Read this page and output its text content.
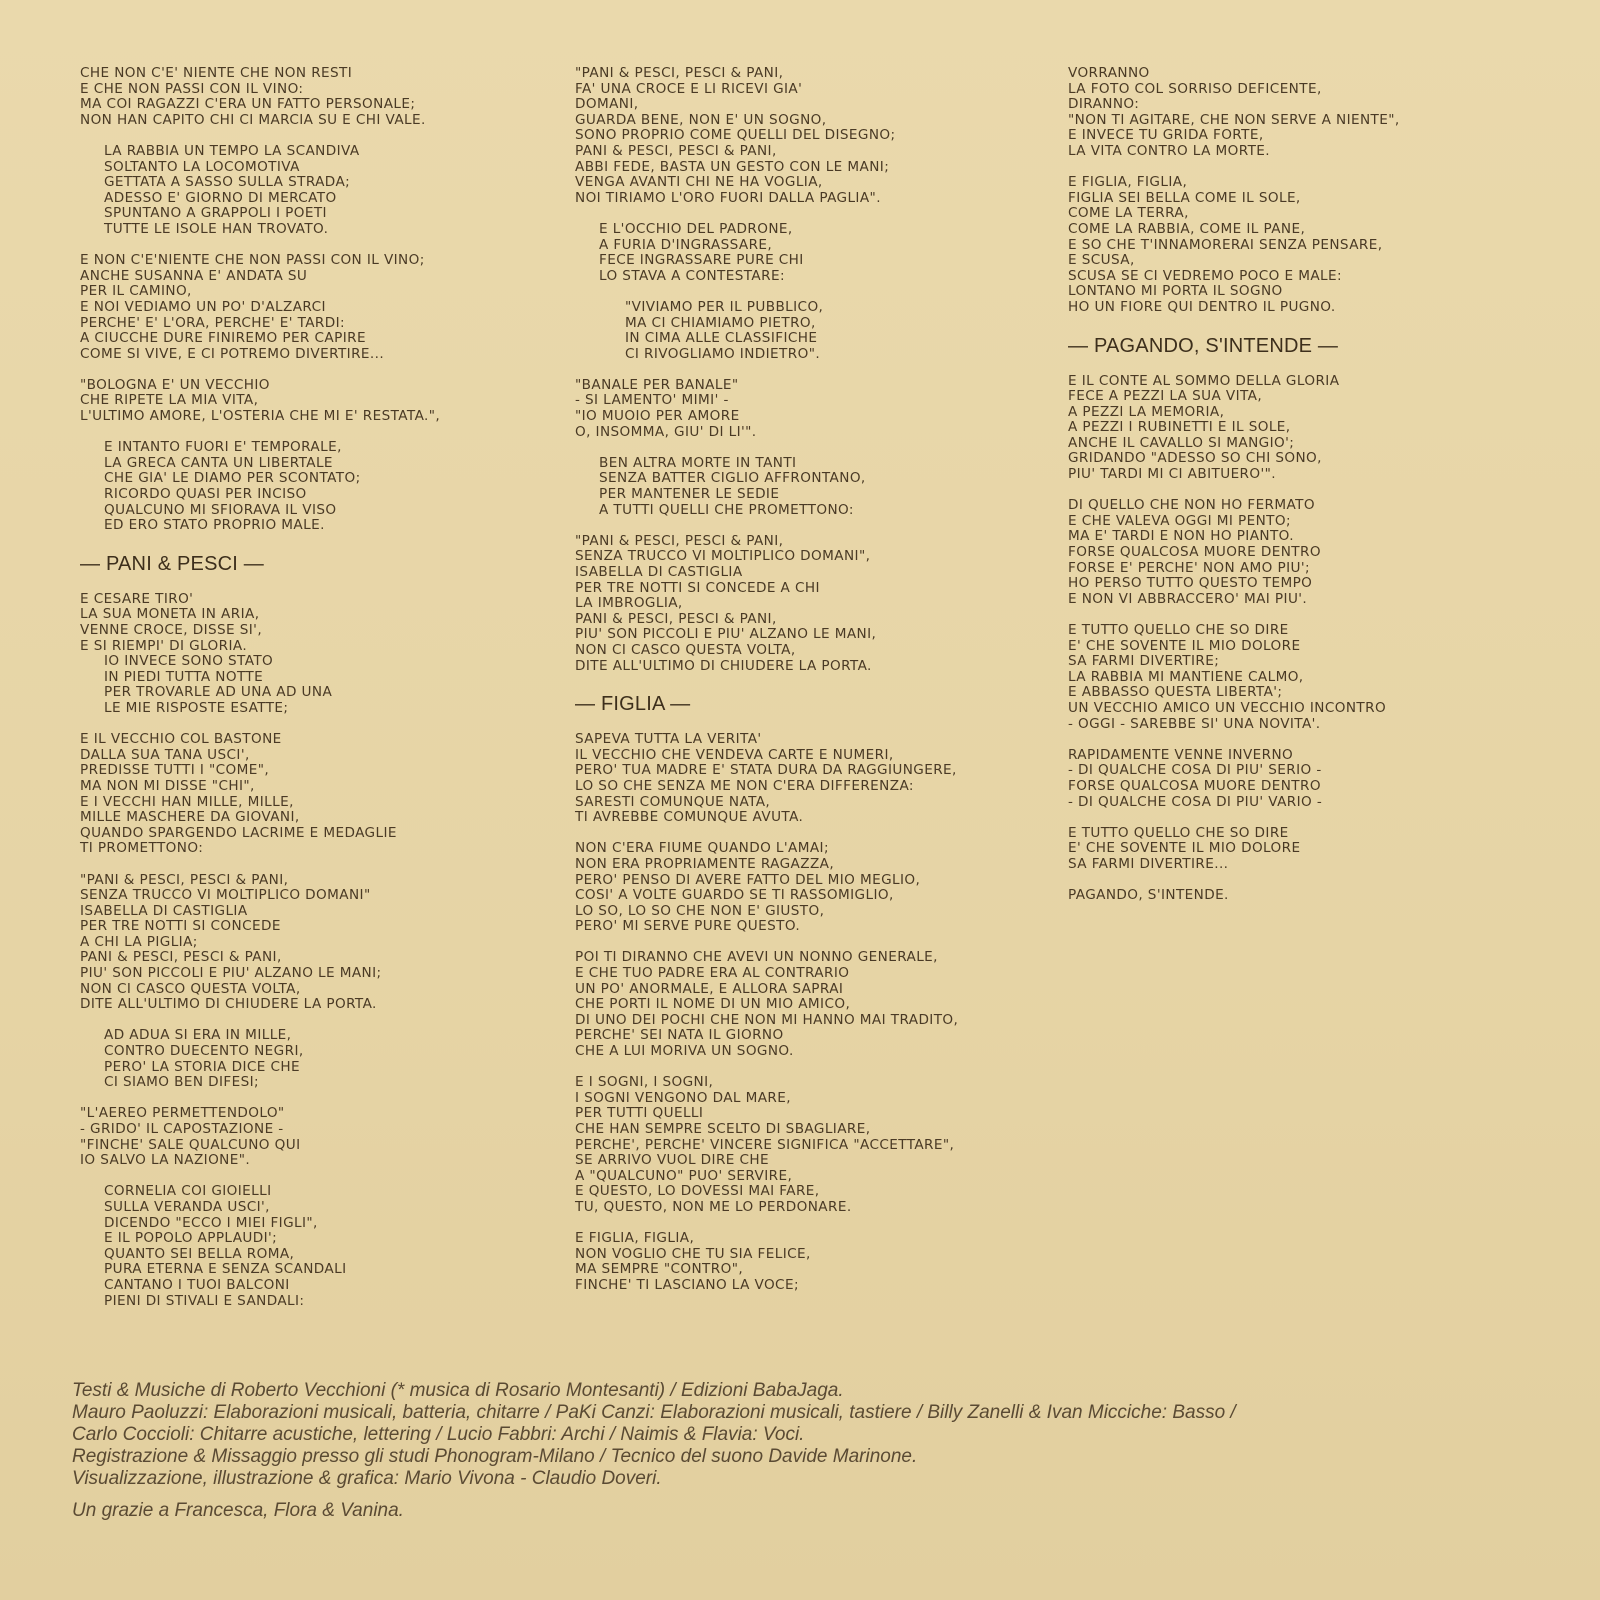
CHE NON C'E' NIENTE CHE NON RESTI
E CHE NON PASSI CON IL VINO:
MA COI RAGAZZI C'ERA UN FATTO PERSONALE;
NON HAN CAPITO CHI CI MARCIA SU E CHI VALE.
LA RABBIA UN TEMPO LA SCANDIVA
SOLTANTO LA LOCOMOTIVA
GETTATA A SASSO SULLA STRADA;
ADESSO E' GIORNO DI MERCATO
SPUNTANO A GRAPPOLI I POETI
TUTTE LE ISOLE HAN TROVATO.
E NON C'E'NIENTE CHE NON PASSI CON IL VINO;
ANCHE SUSANNA E' ANDATA SU
PER IL CAMINO,
E NOI VEDIAMO UN PO' D'ALZARCI
PERCHE' E' L'ORA, PERCHE' E' TARDI:
A CIUCCHE DURE FINIREMO PER CAPIRE
COME SI VIVE, E CI POTREMO DIVERTIRE...
"BOLOGNA E' UN VECCHIO
CHE RIPETE LA MIA VITA,
L'ULTIMO AMORE, L'OSTERIA CHE MI E' RESTATA.",
E INTANTO FUORI E' TEMPORALE,
LA GRECA CANTA UN LIBERTALE
CHE GIA' LE DIAMO PER SCONTATO;
RICORDO QUASI PER INCISO
QUALCUNO MI SFIORAVA IL VISO
ED ERO STATO PROPRIO MALE.
— PANI & PESCI —
E CESARE TIRO'
LA SUA MONETA IN ARIA,
VENNE CROCE, DISSE SI',
E SI RIEMPI' DI GLORIA.
IO INVECE SONO STATO
IN PIEDI TUTTA NOTTE
PER TROVARLE AD UNA AD UNA
LE MIE RISPOSTE ESATTE;
E IL VECCHIO COL BASTONE
DALLA SUA TANA USCI',
PREDISSE TUTTI I "COME",
MA NON MI DISSE "CHI",
E I VECCHI HAN MILLE, MILLE,
MILLE MASCHERE DA GIOVANI,
QUANDO SPARGENDO LACRIME E MEDAGLIE
TI PROMETTONO:
"PANI & PESCI, PESCI & PANI,
SENZA TRUCCO VI MOLTIPLICO DOMANI"
ISABELLA DI CASTIGLIA
PER TRE NOTTI SI CONCEDE
A CHI LA PIGLIA;
PANI & PESCI, PESCI & PANI,
PIU' SON PICCOLI E PIU' ALZANO LE MANI;
NON CI CASCO QUESTA VOLTA,
DITE ALL'ULTIMO DI CHIUDERE LA PORTA.
AD ADUA SI ERA IN MILLE,
CONTRO DUECENTO NEGRI,
PERO' LA STORIA DICE CHE
CI SIAMO BEN DIFESI;
"L'AEREO PERMETTENDOLO"
- GRIDO' IL CAPOSTAZIONE -
"FINCHE' SALE QUALCUNO QUI
IO SALVO LA NAZIONE".
CORNELIA COI GIOIELLI
SULLA VERANDA USCI',
DICENDO "ECCO I MIEI FIGLI",
E IL POPOLO APPLAUDI';
QUANTO SEI BELLA ROMA,
PURA ETERNA E SENZA SCANDALI
CANTANO I TUOI BALCONI
PIENI DI STIVALI E SANDALI:
"PANI & PESCI, PESCI & PANI,
FA' UNA CROCE E LI RICEVI GIA'
DOMANI,
GUARDA BENE, NON E' UN SOGNO,
SONO PROPRIO COME QUELLI DEL DISEGNO;
PANI & PESCI, PESCI & PANI,
ABBI FEDE, BASTA UN GESTO CON LE MANI;
VENGA AVANTI CHI NE HA VOGLIA,
NOI TIRIAMO L'ORO FUORI DALLA PAGLIA".
E L'OCCHIO DEL PADRONE,
A FURIA D'INGRASSARE,
FECE INGRASSARE PURE CHI
LO STAVA A CONTESTARE:
"VIVIAMO PER IL PUBBLICO,
MA CI CHIAMIAMO PIETRO,
IN CIMA ALLE CLASSIFICHE
CI RIVOGLIAMO INDIETRO".
"BANALE PER BANALE"
- SI LAMENTO' MIMI' -
"IO MUOIO PER AMORE
O, INSOMMA, GIU' DI LI'".
BEN ALTRA MORTE IN TANTI
SENZA BATTER CIGLIO AFFRONTANO,
PER MANTENER LE SEDIE
A TUTTI QUELLI CHE PROMETTONO:
"PANI & PESCI, PESCI & PANI,
SENZA TRUCCO VI MOLTIPLICO DOMANI",
ISABELLA DI CASTIGLIA
PER TRE NOTTI SI CONCEDE A CHI
LA IMBROGLIA,
PANI & PESCI, PESCI & PANI,
PIU' SON PICCOLI E PIU' ALZANO LE MANI,
NON CI CASCO QUESTA VOLTA,
DITE ALL'ULTIMO DI CHIUDERE LA PORTA.
— FIGLIA —
SAPEVA TUTTA LA VERITA'
IL VECCHIO CHE VENDEVA CARTE E NUMERI,
PERO' TUA MADRE E' STATA DURA DA RAGGIUNGERE,
LO SO CHE SENZA ME NON C'ERA DIFFERENZA:
SARESTI COMUNQUE NATA,
TI AVREBBE COMUNQUE AVUTA.
NON C'ERA FIUME QUANDO L'AMAI;
NON ERA PROPRIAMENTE RAGAZZA,
PERO' PENSO DI AVERE FATTO DEL MIO MEGLIO,
COSI' A VOLTE GUARDO SE TI RASSOMIGLIO,
LO SO, LO SO CHE NON E' GIUSTO,
PERO' MI SERVE PURE QUESTO.
POI TI DIRANNO CHE AVEVI UN NONNO GENERALE,
E CHE TUO PADRE ERA AL CONTRARIO
UN PO' ANORMALE, E ALLORA SAPRAI
CHE PORTI IL NOME DI UN MIO AMICO,
DI UNO DEI POCHI CHE NON MI HANNO MAI TRADITO,
PERCHE' SEI NATA IL GIORNO
CHE A LUI MORIVA UN SOGNO.
E I SOGNI, I SOGNI,
I SOGNI VENGONO DAL MARE,
PER TUTTI QUELLI
CHE HAN SEMPRE SCELTO DI SBAGLIARE,
PERCHE', PERCHE' VINCERE SIGNIFICA "ACCETTARE",
SE ARRIVO VUOL DIRE CHE
A "QUALCUNO" PUO' SERVIRE,
E QUESTO, LO DOVESSI MAI FARE,
TU, QUESTO, NON ME LO PERDONARE.
E FIGLIA, FIGLIA,
NON VOGLIO CHE TU SIA FELICE,
MA SEMPRE "CONTRO",
FINCHE' TI LASCIANO LA VOCE;
VORRANNO
LA FOTO COL SORRISO DEFICENTE,
DIRANNO:
"NON TI AGITARE, CHE NON SERVE A NIENTE",
E INVECE TU GRIDA FORTE,
LA VITA CONTRO LA MORTE.
E FIGLIA, FIGLIA,
FIGLIA SEI BELLA COME IL SOLE,
COME LA TERRA,
COME LA RABBIA, COME IL PANE,
E SO CHE T'INNAMORERAI SENZA PENSARE,
E SCUSA,
SCUSA SE CI VEDREMO POCO E MALE:
LONTANO MI PORTA IL SOGNO
HO UN FIORE QUI DENTRO IL PUGNO.
— PAGANDO, S'INTENDE —
E IL CONTE AL SOMMO DELLA GLORIA
FECE A PEZZI LA SUA VITA,
A PEZZI LA MEMORIA,
A PEZZI I RUBINETTI E IL SOLE,
ANCHE IL CAVALLO SI MANGIO';
GRIDANDO "ADESSO SO CHI SONO,
PIU' TARDI MI CI ABITUERO'".
DI QUELLO CHE NON HO FERMATO
E CHE VALEVA OGGI MI PENTO;
MA E' TARDI E NON HO PIANTO.
FORSE QUALCOSA MUORE DENTRO
FORSE E' PERCHE' NON AMO PIU';
HO PERSO TUTTO QUESTO TEMPO
E NON VI ABBRACCERO' MAI PIU'.
E TUTTO QUELLO CHE SO DIRE
E' CHE SOVENTE IL MIO DOLORE
SA FARMI DIVERTIRE;
LA RABBIA MI MANTIENE CALMO,
E ABBASSO QUESTA LIBERTA';
UN VECCHIO AMICO UN VECCHIO INCONTRO
- OGGI - SAREBBE SI' UNA NOVITA'.
RAPIDAMENTE VENNE INVERNO
- DI QUALCHE COSA DI PIU' SERIO -
FORSE QUALCOSA MUORE DENTRO
- DI QUALCHE COSA DI PIU' VARIO -
E TUTTO QUELLO CHE SO DIRE
E' CHE SOVENTE IL MIO DOLORE
SA FARMI DIVERTIRE...
PAGANDO, S'INTENDE.
Testi & Musiche di Roberto Vecchioni (* musica di Rosario Montesanti) / Edizioni BabaJaga.
Mauro Paoluzzi: Elaborazioni musicali, batteria, chitarre / PaKi Canzi: Elaborazioni musicali, tastiere / Billy Zanelli & Ivan Micciche: Basso /
Carlo Coccioli: Chitarre acustiche, lettering / Lucio Fabbri: Archi / Naimis & Flavia: Voci.
Registrazione & Missaggio presso gli studi Phonogram-Milano / Tecnico del suono Davide Marinone.
Visualizzazione, illustrazione & grafica: Mario Vivona - Claudio Doveri.
Un grazie a Francesca, Flora & Vanina.
